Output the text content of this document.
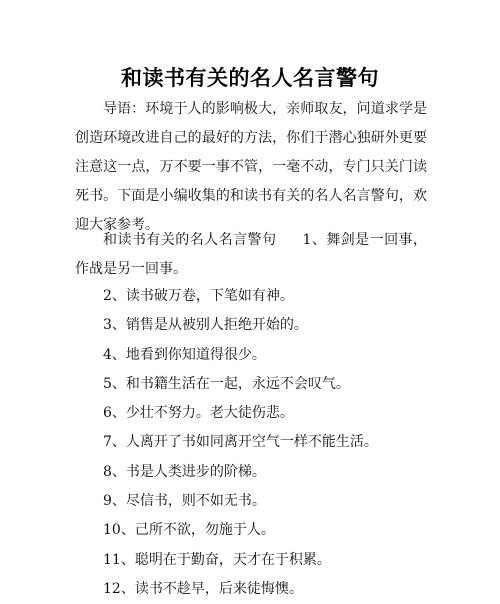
和读书有关的名人名言警句
导语：环境于人的影响极大，亲师取友，问道求学是创造环境改进自己的最好的方法，你们于潜心独研外更要注意这一点，万不要一事不管，一毫不动，专门只关门读死书。下面是小编收集的和读书有关的名人名言警句，欢迎大家参考。
和读书有关的名人名言警句 1、舞剑是一回事，作战是另一回事。
2、读书破万卷，下笔如有神。
3、销售是从被别人拒绝开始的。
4、地看到你知道得很少。
5、和书籍生活在一起，永远不会叹气。
6、少壮不努力。老大徒伤悲。
7、人离开了书如同离开空气一样不能生活。
8、书是人类进步的阶梯。
9、尽信书，则不如无书。
10、己所不欲，勿施于人。
11、聪明在于勤奋，天才在于积累。
12、读书不趁早，后来徒悔懊。
